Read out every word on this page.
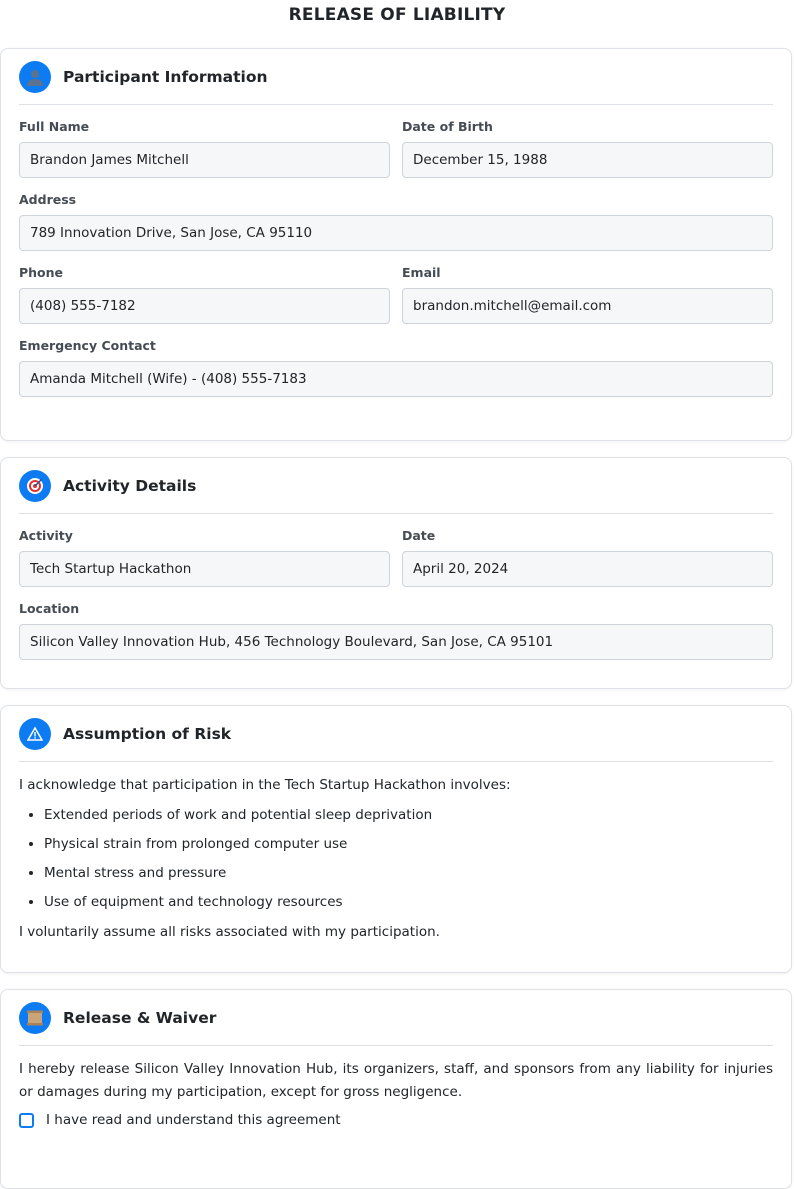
RELEASE OF LIABILITY
Participant Information
Full Name
Brandon James Mitchell
Date of Birth
December 15, 1988
Address
789 Innovation Drive, San Jose, CA 95110
Phone
(408) 555-7182
Email
brandon.mitchell@email.com
Emergency Contact
Amanda Mitchell (Wife) - (408) 555-7183
Activity Details
Activity
Tech Startup Hackathon
Date
April 20, 2024
Location
Silicon Valley Innovation Hub, 456 Technology Boulevard, San Jose, CA 95101
Assumption of Risk

I acknowledge that participation in the Tech Startup Hackathon involves:

• Extended periods of work and potential sleep deprivation
• Physical strain from prolonged computer use
• Mental stress and pressure
• Use of equipment and technology resources

I voluntarily assume all risks associated with my participation.

Release & Waiver

I hereby release Silicon Valley Innovation Hub, its organizers, staff, and sponsors from any liability for injuries or damages during my participation, except for gross negligence.

I have read and understand this agreement
